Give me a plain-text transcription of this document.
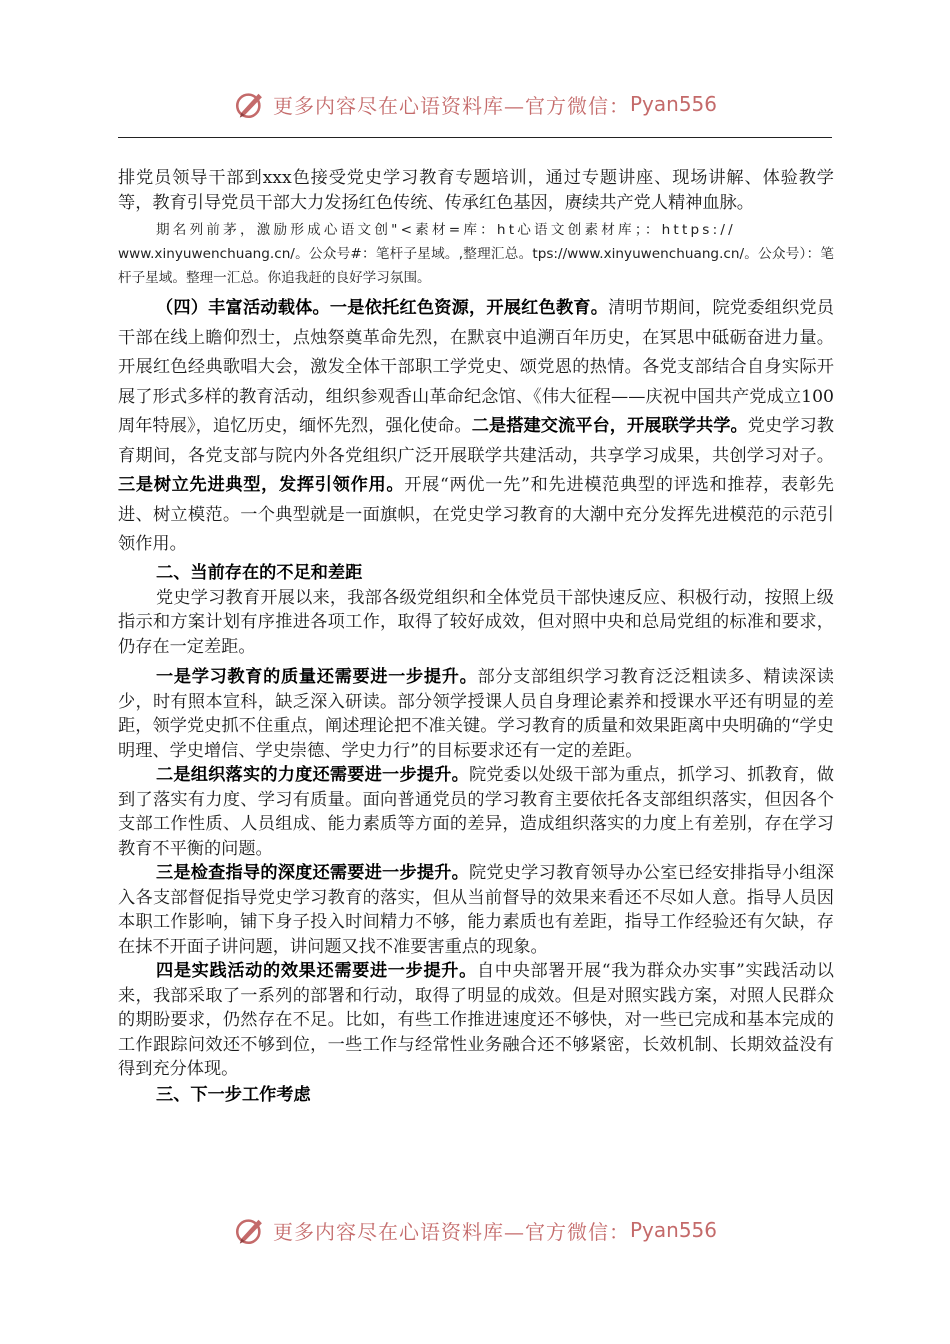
更多内容尽在心语资料库—官方微信： Pyan556

排党员领导干部到xxx色接受党史学习教育专题培训，通过专题讲座、现场讲解、体验教学等，教育引导党员干部大力发扬红色传统、传承红色基因，赓续共产党人精神血脉。

期名列前茅，激励形成心语文创"<素材=库：ht心语文创素材库；：https://
www.xinyuwenchuang.cn/。公众号#：笔杆子星域。,整理汇总。tps://www.xinyuwenchuang.cn/。公众号）：笔杆子星域。整理一汇总。你追我赶的良好学习氛围。

（四）丰富活动载体。一是依托红色资源，开展红色教育。清明节期间，院党委组织党员干部在线上瞻仰烈士，点烛祭奠革命先烈，在默哀中追溯百年历史，在冥思中砥砺奋进力量。开展红色经典歌唱大会，激发全体干部职工学党史、颂党恩的热情。各党支部结合自身实际开展了形式多样的教育活动，组织参观香山革命纪念馆、《伟大征程——庆祝中国共产党成立100周年特展》，追忆历史，缅怀先烈，强化使命。二是搭建交流平台，开展联学共学。党史学习教育期间，各党支部与院内外各党组织广泛开展联学共建活动，共享学习成果，共创学习对子。三是树立先进典型，发挥引领作用。开展“两优一先”和先进模范典型的评选和推荐，表彰先进、树立模范。一个典型就是一面旗帜，在党史学习教育的大潮中充分发挥先进模范的示范引领作用。

二、当前存在的不足和差距

党史学习教育开展以来，我部各级党组织和全体党员干部快速反应、积极行动，按照上级指示和方案计划有序推进各项工作，取得了较好成效，但对照中央和总局党组的标准和要求，仍存在一定差距。

一是学习教育的质量还需要进一步提升。部分支部组织学习教育泛泛粗读多、精读深读少，时有照本宣科，缺乏深入研读。部分领学授课人员自身理论素养和授课水平还有明显的差距，领学党史抓不住重点，阐述理论把不准关键。学习教育的质量和效果距离中央明确的“学史明理、学史增信、学史崇德、学史力行”的目标要求还有一定的差距。

二是组织落实的力度还需要进一步提升。院党委以处级干部为重点，抓学习、抓教育，做到了落实有力度、学习有质量。面向普通党员的学习教育主要依托各支部组织落实，但因各个支部工作性质、人员组成、能力素质等方面的差异，造成组织落实的力度上有差别，存在学习教育不平衡的问题。

三是检查指导的深度还需要进一步提升。院党史学习教育领导办公室已经安排指导小组深入各支部督促指导党史学习教育的落实，但从当前督导的效果来看还不尽如人意。指导人员因本职工作影响，铺下身子投入时间精力不够，能力素质也有差距，指导工作经验还有欠缺，存在抹不开面子讲问题，讲问题又找不准要害重点的现象。

四是实践活动的效果还需要进一步提升。自中央部署开展“我为群众办实事”实践活动以来，我部采取了一系列的部署和行动，取得了明显的成效。但是对照实践方案，对照人民群众的期盼要求，仍然存在不足。比如，有些工作推进速度还不够快，对一些已完成和基本完成的工作跟踪问效还不够到位，一些工作与经常性业务融合还不够紧密，长效机制、长期效益没有得到充分体现。

三、下一步工作考虑

更多内容尽在心语资料库—官方微信： Pyan556
